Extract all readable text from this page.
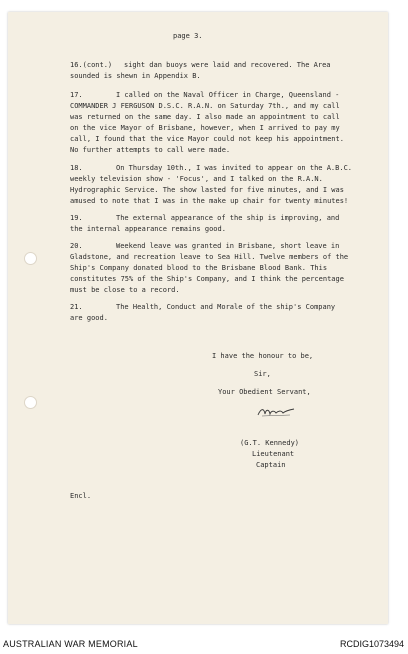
page 3.
16.(cont.) sight dan buoys were laid and recovered. The Area
sounded is shewn in Appendix B.
17.	I called on the Naval Officer in Charge, Queensland -
COMMANDER J FERGUSON D.S.C. R.A.N. on Saturday 7th., and my call
was returned on the same day. I also made an appointment to call
on the vice Mayor of Brisbane, however, when I arrived to pay my
call, I found that the vice Mayor could not keep his appointment.
No further attempts to call were made.
18.	On Thursday 10th., I was invited to appear on the A.B.C.
weekly television show - 'Focus', and I talked on the R.A.N.
Hydrographic Service. The show lasted for five minutes, and I was
amused to note that I was in the make up chair for twenty minutes!
19.	The external appearance of the ship is improving, and
the internal appearance remains good.
20.	Weekend leave was granted in Brisbane, short leave in
Gladstone, and recreation leave to Sea Hill. Twelve members of the
Ship's Company donated blood to the Brisbane Blood Bank. This
constitutes 75% of the Ship's Company, and I think the percentage
must be close to a record.
21.	The Health, Conduct and Morale of the ship's Company
are good.
I have the honour to be,
Sir,
Your Obedient Servant,
(G.T. Kennedy)
Lieutenant
Captain
Encl.
AUSTRALIAN WAR MEMORIAL	RCDIG1073494
